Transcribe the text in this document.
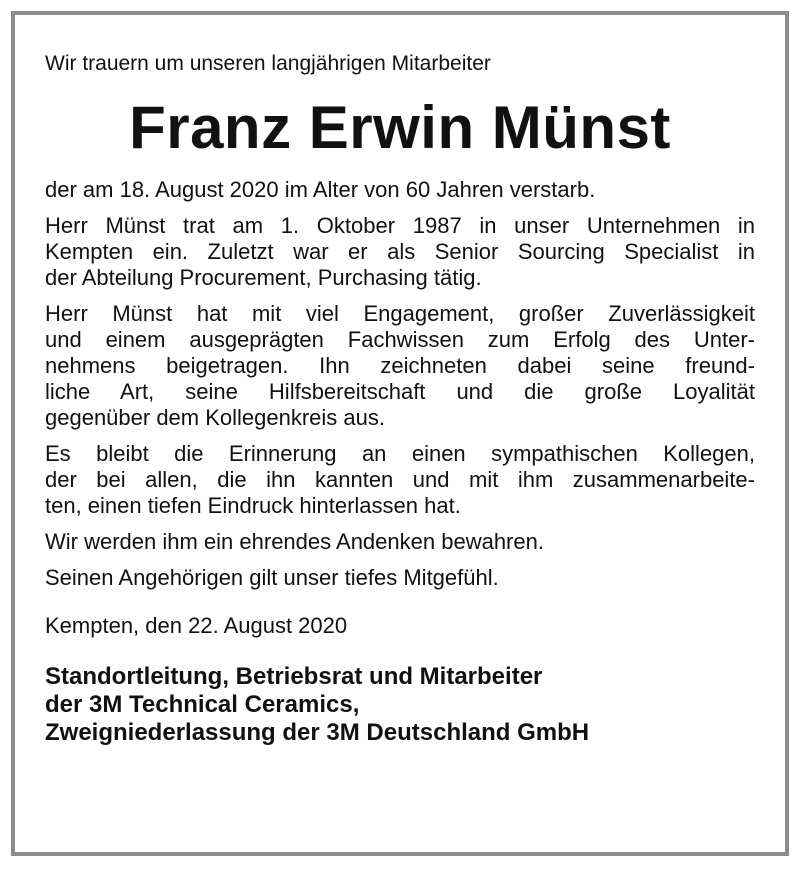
Wir trauern um unseren langjährigen Mitarbeiter

Franz Erwin Münst
der am 18. August 2020 im Alter von 60 Jahren verstarb.
Herr Münst trat am 1. Oktober 1987 in unser Unternehmen in
Kempten ein. Zuletzt war er als Senior Sourcing Specialist in
der Abteilung Procurement, Purchasing tätig.
Herr Münst hat mit viel Engagement, großer Zuverlässigkeit
und einem ausgeprägten Fachwissen zum Erfolg des Unter-
nehmens beigetragen. Ihn zeichneten dabei seine freund-
liche Art, seine Hilfsbereitschaft und die große Loyalität
gegenüber dem Kollegenkreis aus.
Es bleibt die Erinnerung an einen sympathischen Kollegen,
der bei allen, die ihn kannten und mit ihm zusammenarbeite-
ten, einen tiefen Eindruck hinterlassen hat.
Wir werden ihm ein ehrendes Andenken bewahren.
Seinen Angehörigen gilt unser tiefes Mitgefühl.

Kempten, den 22. August 2020

Standortleitung, Betriebsrat und Mitarbeiter
der 3M Technical Ceramics,
Zweigniederlassung der 3M Deutschland GmbH
